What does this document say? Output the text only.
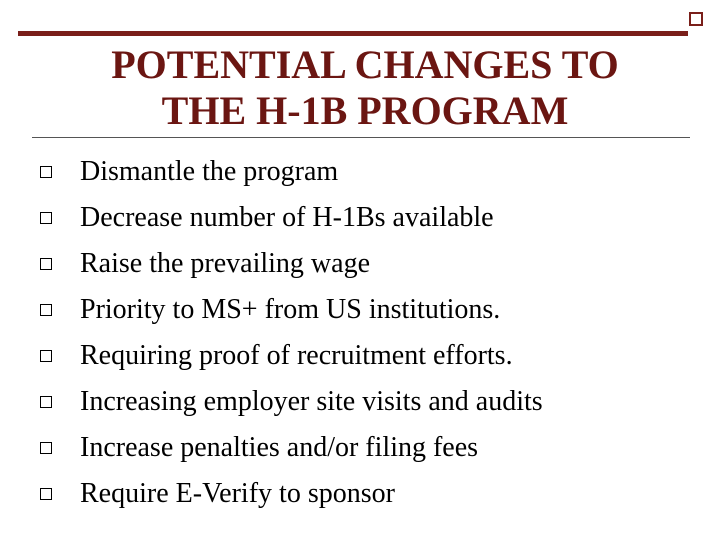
POTENTIAL CHANGES TO
THE H-1B PROGRAM
Dismantle the program
Decrease number of H-1Bs available
Raise the prevailing wage
Priority to MS+ from US institutions.
Requiring proof of recruitment efforts.
Increasing employer site visits and audits
Increase penalties and/or filing fees
Require E-Verify to sponsor
